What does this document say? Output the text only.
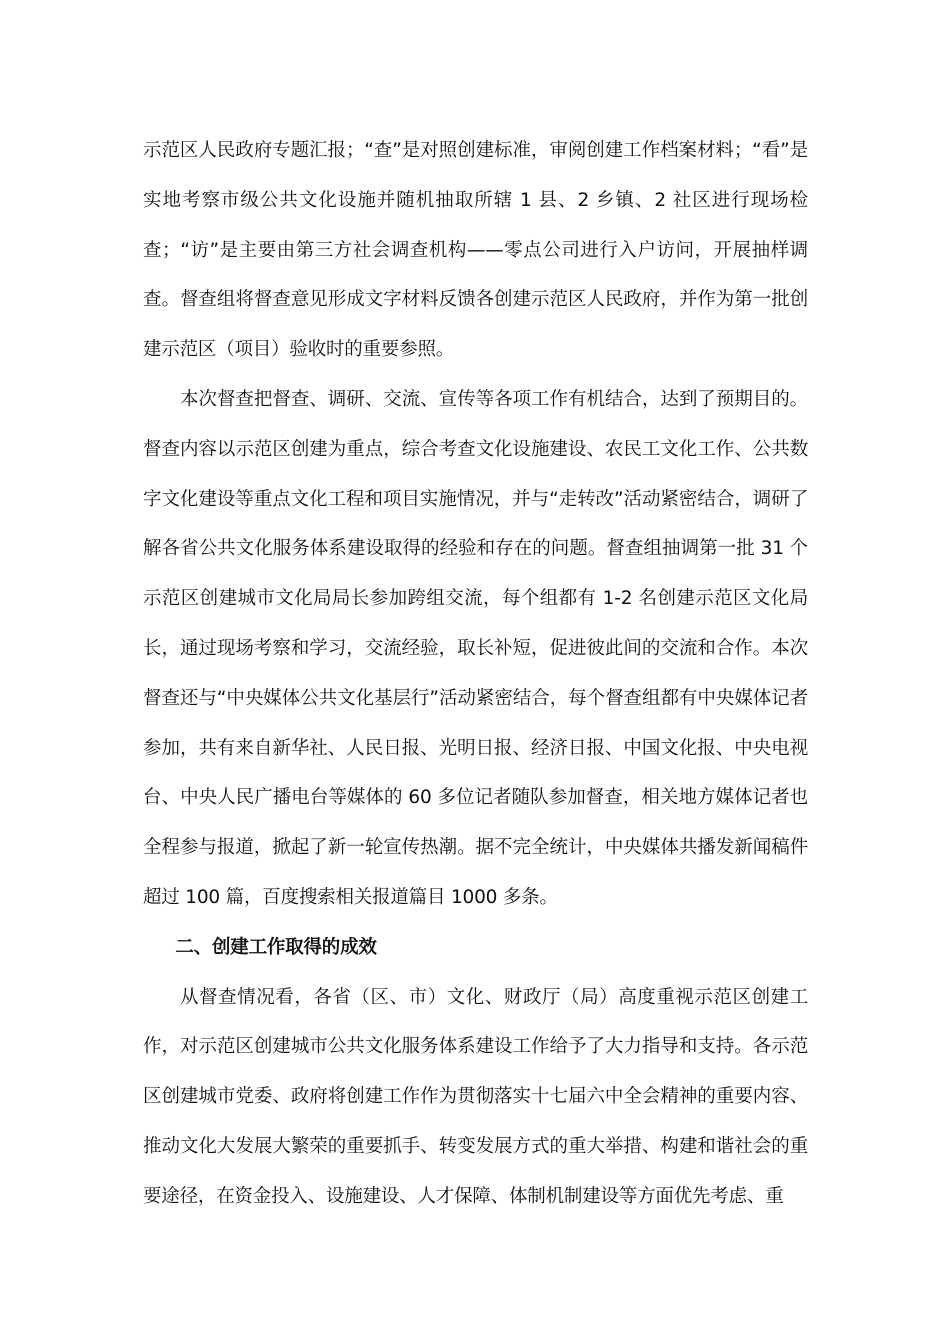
示范区人民政府专题汇报；“查”是对照创建标准，审阅创建工作档案材料；“看”是实地考察市级公共文化设施并随机抽取所辖 1 县、2 乡镇、2 社区进行现场检查；“访”是主要由第三方社会调查机构——零点公司进行入户访问，开展抽样调查。督查组将督查意见形成文字材料反馈各创建示范区人民政府，并作为第一批创建示范区（项目）验收时的重要参照。

本次督查把督查、调研、交流、宣传等各项工作有机结合，达到了预期目的。督查内容以示范区创建为重点，综合考查文化设施建设、农民工文化工作、公共数字文化建设等重点文化工程和项目实施情况，并与“走转改”活动紧密结合，调研了解各省公共文化服务体系建设取得的经验和存在的问题。督查组抽调第一批 31 个示范区创建城市文化局局长参加跨组交流，每个组都有 1-2 名创建示范区文化局长，通过现场考察和学习，交流经验，取长补短，促进彼此间的交流和合作。本次督查还与“中央媒体公共文化基层行”活动紧密结合，每个督查组都有中央媒体记者参加，共有来自新华社、人民日报、光明日报、经济日报、中国文化报、中央电视台、中央人民广播电台等媒体的 60 多位记者随队参加督查，相关地方媒体记者也全程参与报道，掀起了新一轮宣传热潮。据不完全统计，中央媒体共播发新闻稿件超过 100 篇，百度搜索相关报道篇目 1000 多条。

二、创建工作取得的成效

从督查情况看，各省（区、市）文化、财政厅（局）高度重视示范区创建工作，对示范区创建城市公共文化服务体系建设工作给予了大力指导和支持。各示范区创建城市党委、政府将创建工作作为贯彻落实十七届六中全会精神的重要内容、推动文化大发展大繁荣的重要抓手、转变发展方式的重大举措、构建和谐社会的重要途径，在资金投入、设施建设、人才保障、体制机制建设等方面优先考虑、重
